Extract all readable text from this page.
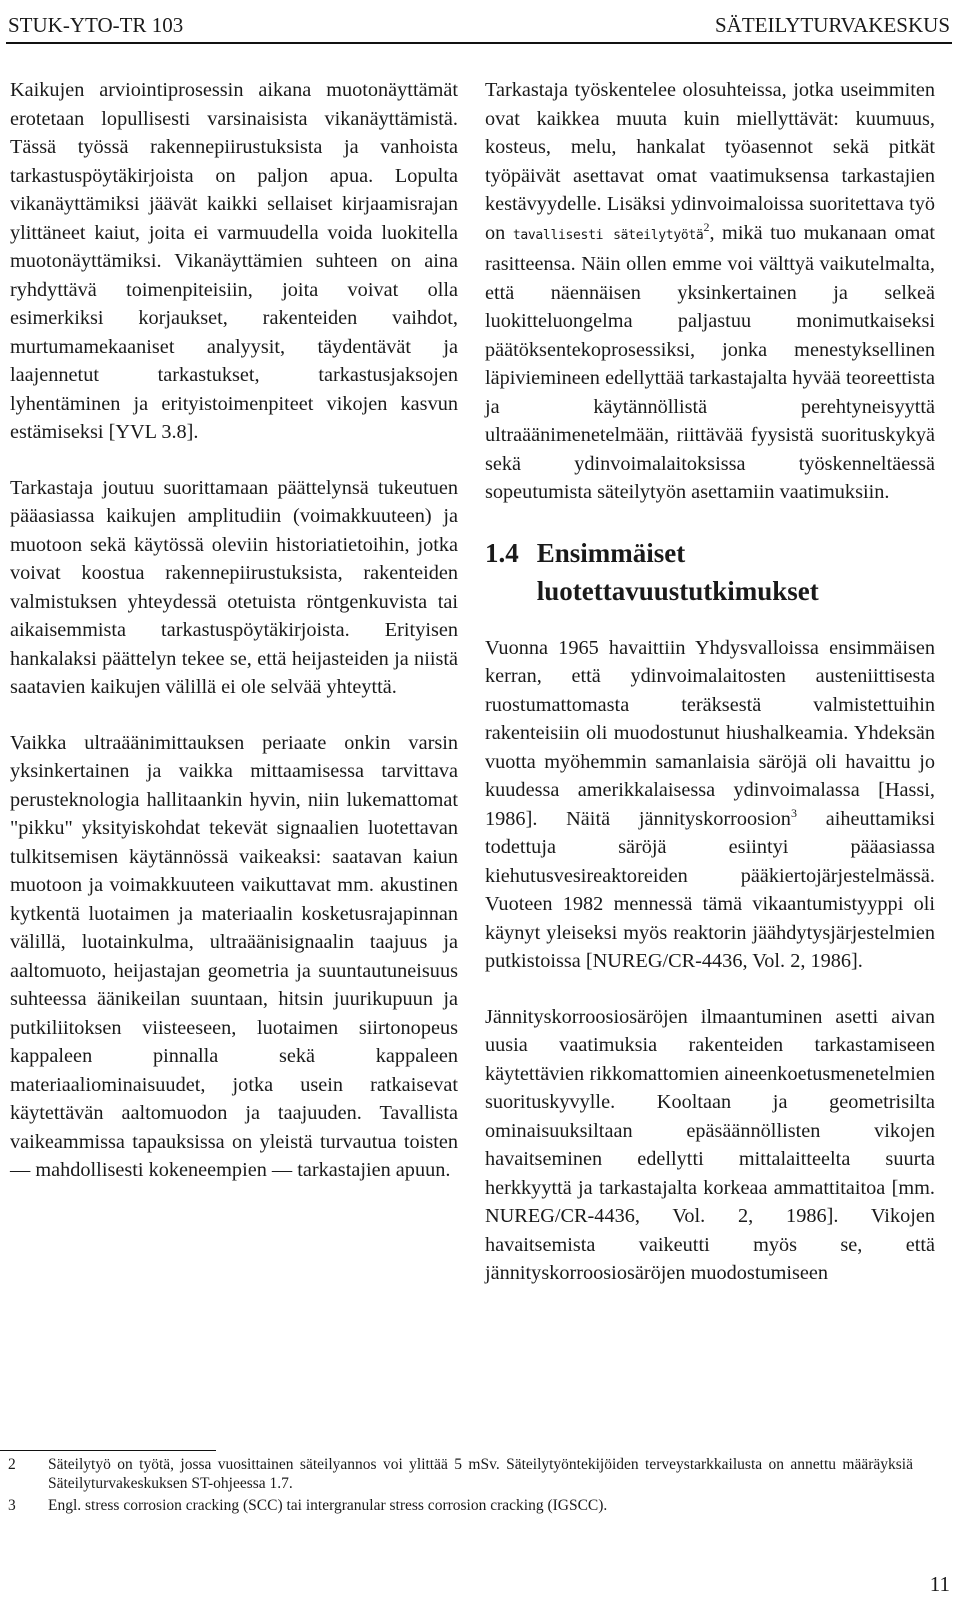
STUK-YTO-TR 103	SÄTEILYTURVAKESKUS

Kaikujen arviointiprosessin aikana muotonäyttämät erotetaan lopullisesti varsinaisista vikanäyttämistä. Tässä työssä rakennepiirustuksista ja vanhoista tarkastuspöytäkirjoista on paljon apua. Lopulta vikanäyttämiksi jäävät kaikki sellaiset kirjaamisrajan ylittäneet kaiut, joita ei varmuudella voida luokitella muotonäyttämiksi. Vikanäyttämien suhteen on aina ryhdyttävä toimenpiteisiin, joita voivat olla esimerkiksi korjaukset, rakenteiden vaihdot, murtumamekaaniset analyysit, täydentävät ja laajennetut tarkastukset, tarkastusjaksojen lyhentäminen ja erityistoimenpiteet vikojen kasvun estämiseksi [YVL 3.8].

Tarkastaja joutuu suorittamaan päättelynsä tukeutuen pääasiassa kaikujen amplitudiin (voimakkuuteen) ja muotoon sekä käytössä oleviin historiatietoihin, jotka voivat koostua rakennepiirustuksista, rakenteiden valmistuksen yhteydessä otetuista röntgenkuvista tai aikaisemmista tarkastuspöytäkirjoista. Erityisen hankalaksi päättelyn tekee se, että heijasteiden ja niistä saatavien kaikujen välillä ei ole selvää yhteyttä.

Vaikka ultraäänimittauksen periaate onkin varsin yksinkertainen ja vaikka mittaamisessa tarvittava perusteknologia hallitaankin hyvin, niin lukemattomat "pikku" yksityiskohdat tekevät signaalien luotettavan tulkitsemisen käytännössä vaikeaksi: saatavan kaiun muotoon ja voimakkuuteen vaikuttavat mm. akustinen kytkentä luotaimen ja materiaalin kosketusrajapinnan välillä, luotainkulma, ultraäänisignaalin taajuus ja aaltomuoto, heijastajan geometria ja suuntautuneisuus suhteessa äänikeilan suuntaan, hitsin juurikupuun ja putkiliitoksen viisteeseen, luotaimen siirtonopeus kappaleen pinnalla sekä kappaleen materiaaliominaisuudet, jotka usein ratkaisevat käytettävän aaltomuodon ja taajuuden. Tavallista vaikeammissa tapauksissa on yleistä turvautua toisten — mahdollisesti kokeneempien — tarkastajien apuun.

Tarkastaja työskentelee olosuhteissa, jotka useimmiten ovat kaikkea muuta kuin miellyttävät: kuumuus, kosteus, melu, hankalat työasennot sekä pitkät työpäivät asettavat omat vaatimuksensa tarkastajien kestävyydelle. Lisäksi ydinvoimaloissa suoritettava työ on tavallisesti säteilytyötä$^2$, mikä tuo mukanaan omat rasitteensa. Näin ollen emme voi välttyä vaikutelmalta, että näennäisen yksinkertainen ja selkeä luokitteluongelma paljastuu monimutkaiseksi päätöksentekoprosessiksi, jonka menestyksellinen läpiviemineen edellyttää tarkastajalta hyvää teoreettista ja käytännöllistä perehtyneisyyttä ultraäänimenetelmään, riittävää fyysistä suorituskykyä sekä ydinvoimalaitoksissa työskenneltäessä sopeutumista säteilytyön asettamiin vaatimuksiin.

1.4 Ensimmäiset luotettavuustutkimukset

Vuonna 1965 havaittiin Yhdysvalloissa ensimmäisen kerran, että ydinvoimalaitosten austeniittisesta ruostumattomasta teräksestä valmistettuihin rakenteisiin oli muodostunut hiushalkeamia. Yhdeksän vuotta myöhemmin samanlaisia säröjä oli havaittu jo kuudessa amerikkalaisessa ydinvoimalassa [Hassi, 1986]. Näitä jännityskorroosion$^3$ aiheuttamiksi todettuja säröjä esiintyi pääasiassa kiehutusvesireaktoreiden pääkiertojärjestelmässä. Vuoteen 1982 mennessä tämä vikaantumistyyppi oli käynyt yleiseksi myös reaktorin jäähdytysjärjestelmien putkistoissa [NUREG/CR-4436, Vol. 2, 1986].

Jännityskorroosiosäröjen ilmaantuminen asetti aivan uusia vaatimuksia rakenteiden tarkastamiseen käytettävien rikkomattomien aineenkoetusmenetelmien suorituskyvylle. Kooltaan ja geometrisilta ominaisuuksiltaan epäsäännöllisten vikojen havaitseminen edellytti mittalaitteelta suurta herkkyyttä ja tarkastajalta korkeaa ammattitaitoa [mm. NUREG/CR-4436, Vol. 2, 1986]. Vikojen havaitsemista vaikeutti myös se, että jännityskorroosiosäröjen muodostumiseen

2	Säteilytyö on työtä, jossa vuosittainen säteilyannos voi ylittää 5 mSv. Säteilytyöntekijöiden terveystarkkailusta on annettu määräyksiä Säteilyturvakeskuksen ST-ohjeessa 1.7.
3	Engl. stress corrosion cracking (SCC) tai intergranular stress corrosion cracking (IGSCC).
11
